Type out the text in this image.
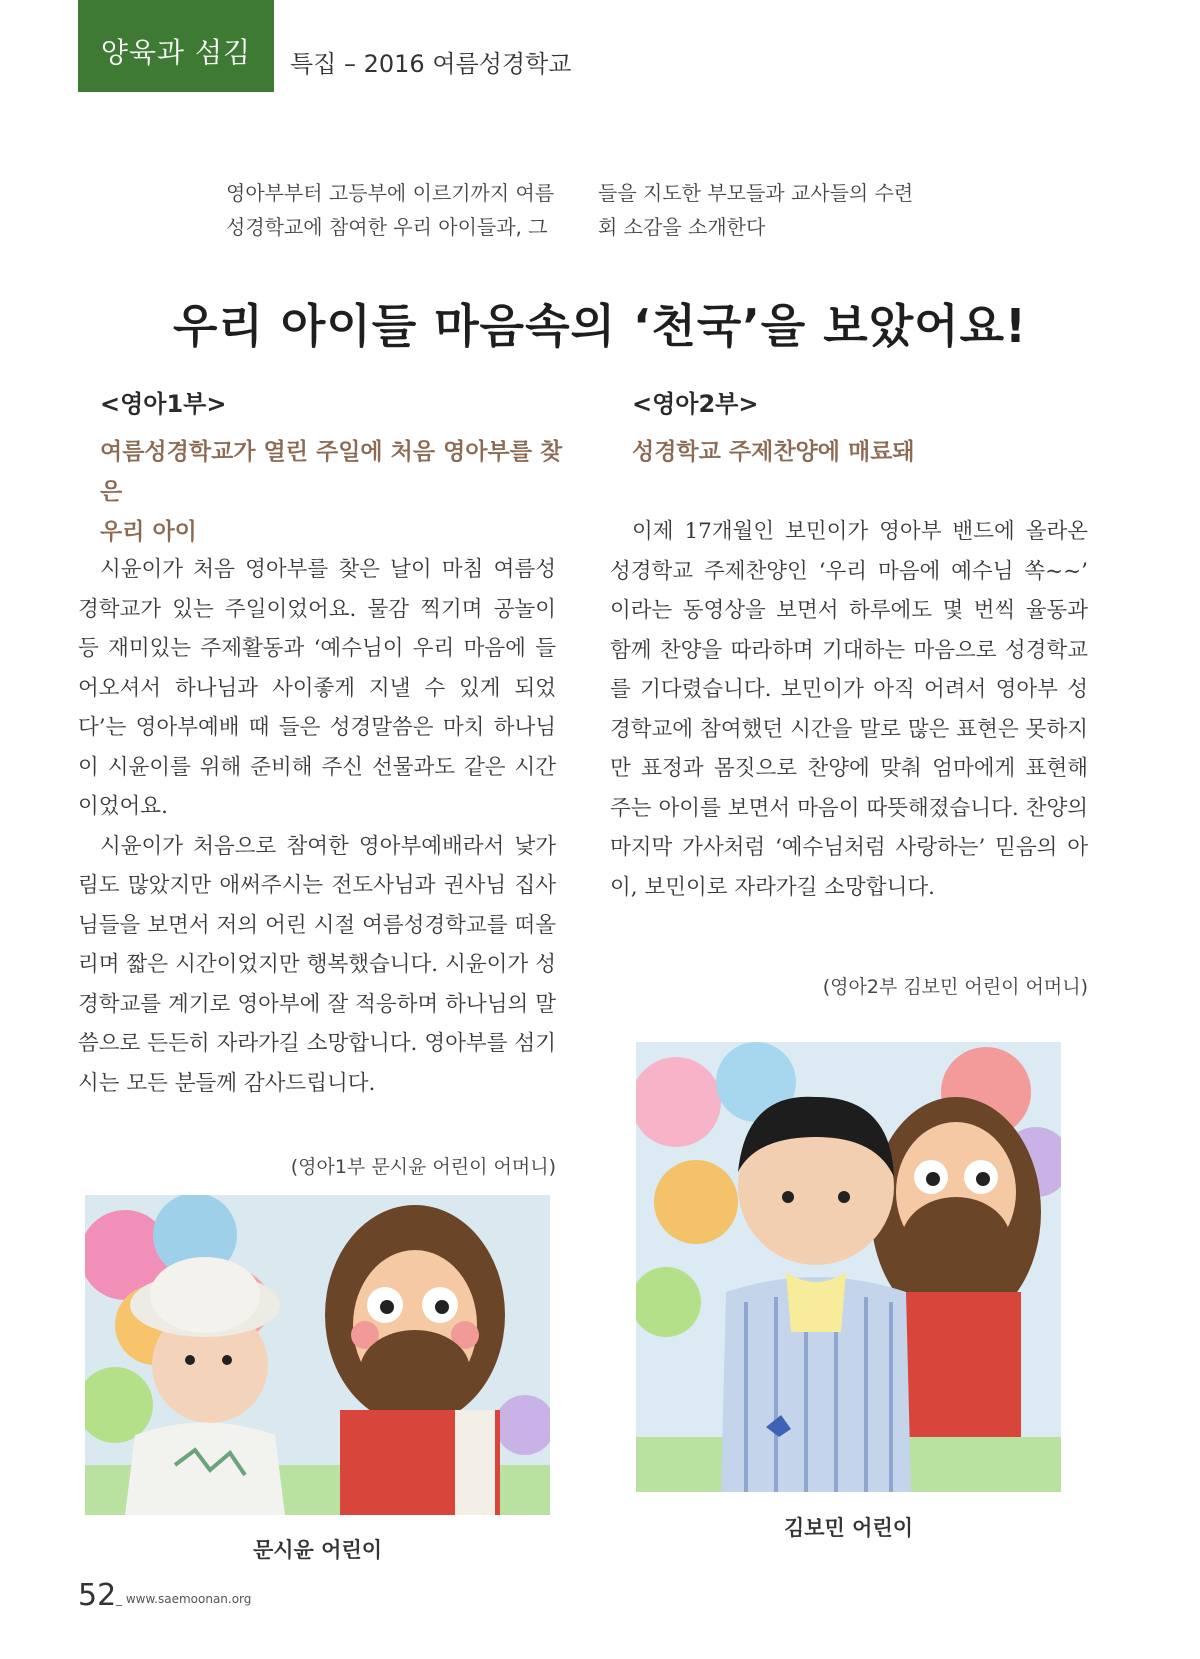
양육과 섬김	특집 – 2016 여름성경학교
영아부부터 고등부에 이르기까지 여름
성경학교에 참여한 우리 아이들과, 그
들을 지도한 부모들과 교사들의 수련
회 소감을 소개한다
우리 아이들 마음속의 ‘천국’을 보았어요!
<영아1부>
여름성경학교가 열린 주일에 처음 영아부를 찾은
우리 아이

시윤이가 처음 영아부를 찾은 날이 마침 여름성경학교가 있는 주일이었어요. 물감 찍기며 공놀이 등 재미있는 주제활동과 ‘예수님이 우리 마음에 들어오셔서 하나님과 사이좋게 지낼 수 있게 되었다’는 영아부예배 때 들은 성경말씀은 마치 하나님이 시윤이를 위해 준비해 주신 선물과도 같은 시간이었어요.

시윤이가 처음으로 참여한 영아부예배라서 낯가림도 많았지만 애써주시는 전도사님과 권사님 집사님들을 보면서 저의 어린 시절 여름성경학교를 떠올리며 짧은 시간이었지만 행복했습니다. 시윤이가 성경학교를 계기로 영아부에 잘 적응하며 하나님의 말씀으로 든든히 자라가길 소망합니다. 영아부를 섬기시는 모든 분들께 감사드립니다.

(영아1부 문시윤 어린이 어머니)
문시윤 어린이
<영아2부>
성경학교 주제찬양에 매료돼

이제 17개월인 보민이가 영아부 밴드에 올라온 성경학교 주제찬양인 ‘우리 마음에 예수님 쏙~~’ 이라는 동영상을 보면서 하루에도 몇 번씩 율동과 함께 찬양을 따라하며 기대하는 마음으로 성경학교를 기다렸습니다. 보민이가 아직 어려서 영아부 성경학교에 참여했던 시간을 말로 많은 표현은 못하지만 표정과 몸짓으로 찬양에 맞춰 엄마에게 표현해 주는 아이를 보면서 마음이 따뜻해졌습니다. 찬양의 마지막 가사처럼 ‘예수님처럼 사랑하는’ 믿음의 아이, 보민이로 자라가길 소망합니다.

(영아2부 김보민 어린이 어머니)
김보민 어린이
52 _ www.saemoonan.org
